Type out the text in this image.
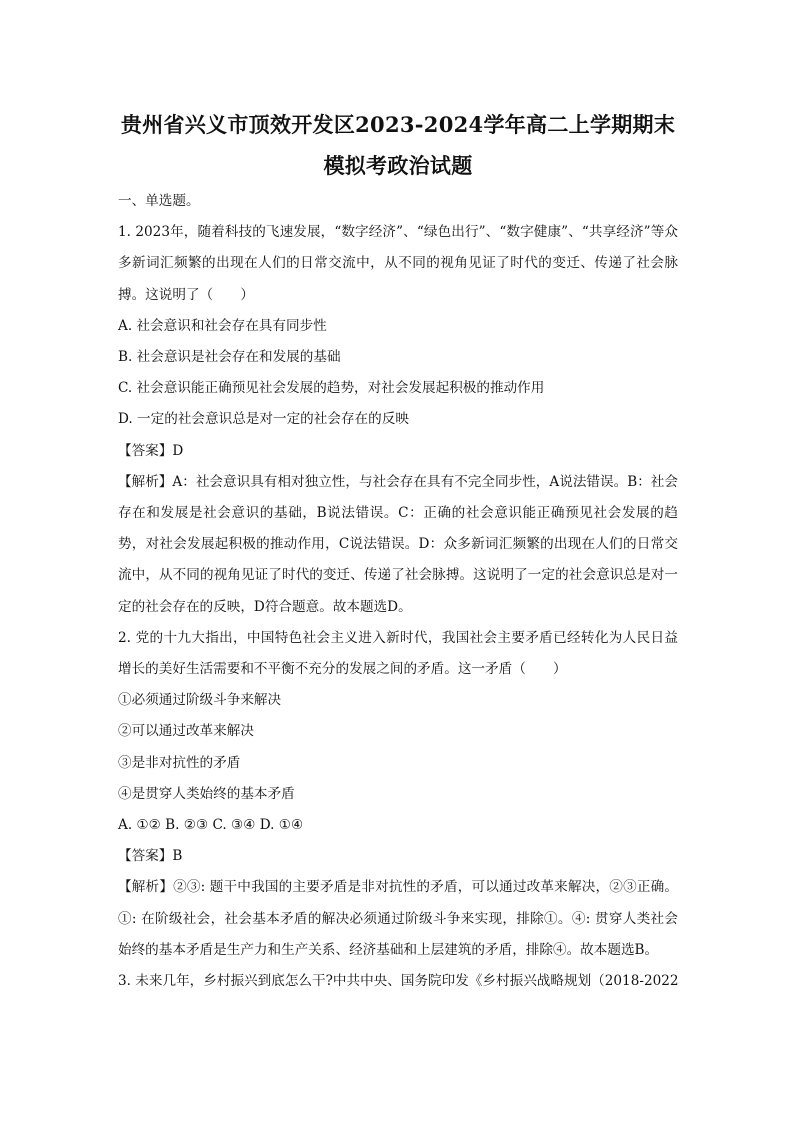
贵州省兴义市顶效开发区2023-2024学年高二上学期期末
模拟考政治试题

一、单选题。

1. 2023年，随着科技的飞速发展，“数字经济”、“绿色出行”、“数字健康”、“共享经济”等众多新词汇频繁的出现在人们的日常交流中，从不同的视角见证了时代的变迁、传递了社会脉搏。这说明了（　　）

A. 社会意识和社会存在具有同步性

B. 社会意识是社会存在和发展的基础

C. 社会意识能正确预见社会发展的趋势，对社会发展起积极的推动作用

D. 一定的社会意识总是对一定的社会存在的反映

【答案】D

【解析】A：社会意识具有相对独立性，与社会存在具有不完全同步性，A说法错误。B：社会存在和发展是社会意识的基础，B说法错误。C：正确的社会意识能正确预见社会发展的趋势，对社会发展起积极的推动作用，C说法错误。D：众多新词汇频繁的出现在人们的日常交流中，从不同的视角见证了时代的变迁、传递了社会脉搏。这说明了一定的社会意识总是对一定的社会存在的反映，D符合题意。故本题选D。

2. 党的十九大指出，中国特色社会主义进入新时代，我国社会主要矛盾已经转化为人民日益增长的美好生活需要和不平衡不充分的发展之间的矛盾。这一矛盾（　　）

①必须通过阶级斗争来解决

②可以通过改革来解决

③是非对抗性的矛盾

④是贯穿人类始终的基本矛盾

A. ①② B. ②③ C. ③④ D. ①④

【答案】B

【解析】②③: 题干中我国的主要矛盾是非对抗性的矛盾，可以通过改革来解决，②③正确。①: 在阶级社会，社会基本矛盾的解决必须通过阶级斗争来实现，排除①。④: 贯穿人类社会始终的基本矛盾是生产力和生产关系、经济基础和上层建筑的矛盾，排除④。故本题选B。

3. 未来几年，乡村振兴到底怎么干?中共中央、国务院印发《乡村振兴战略规划（2018-2022
